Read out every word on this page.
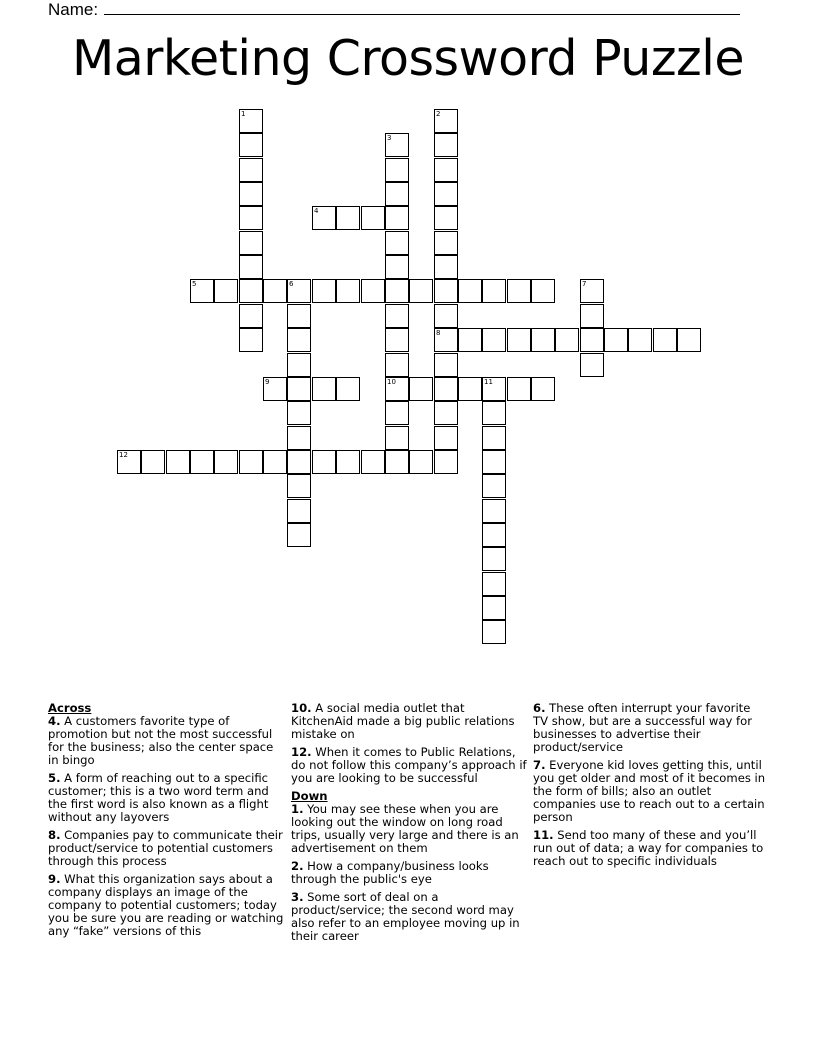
Name:
Marketing Crossword Puzzle
1	2
8
3
10
4
5	6	7
9	11
12
Across

4. A customers favorite type of promotion but not the most successful for the business; also the center space in bingo

5. A form of reaching out to a specific customer; this is a two word term and the first word is also known as a flight without any layovers

8. Companies pay to communicate their product/service to potential customers through this process

9. What this organization says about a company displays an image of the company to potential customers; today you be sure you are reading or watching any “fake” versions of this

10. A social media outlet that KitchenAid made a big public relations mistake on

12. When it comes to Public Relations, do not follow this company’s approach if you are looking to be successful

Down

1. You may see these when you are looking out the window on long road trips, usually very large and there is an advertisement on them

2. How a company/business looks through the public's eye

3. Some sort of deal on a product/service; the second word may also refer to an employee moving up in their career

6. These often interrupt your favorite TV show, but are a successful way for businesses to advertise their product/service

7. Everyone kid loves getting this, until you get older and most of it becomes in the form of bills; also an outlet companies use to reach out to a certain person

11. Send too many of these and you’ll run out of data; a way for companies to reach out to specific individuals
